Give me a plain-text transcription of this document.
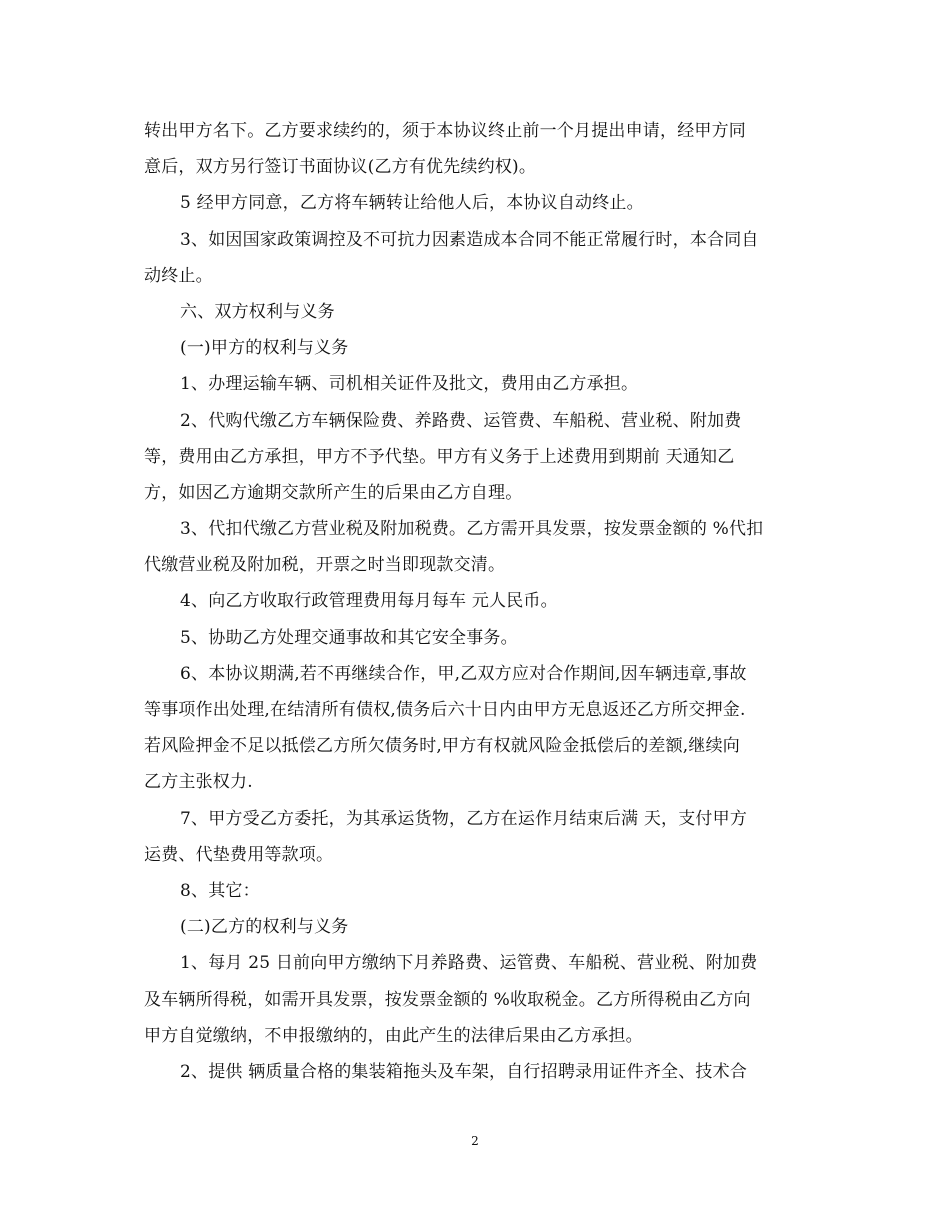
转出甲方名下。乙方要求续约的，须于本协议终止前一个月提出申请，经甲方同
意后，双方另行签订书面协议(乙方有优先续约权)。
5 经甲方同意，乙方将车辆转让给他人后，本协议自动终止。
3、如因国家政策调控及不可抗力因素造成本合同不能正常履行时，本合同自
动终止。
六、双方权利与义务
(一)甲方的权利与义务
1、办理运输车辆、司机相关证件及批文，费用由乙方承担。
2、代购代缴乙方车辆保险费、养路费、运管费、车船税、营业税、附加费
等，费用由乙方承担，甲方不予代垫。甲方有义务于上述费用到期前 天通知乙
方，如因乙方逾期交款所产生的后果由乙方自理。
3、代扣代缴乙方营业税及附加税费。乙方需开具发票，按发票金额的 %代扣
代缴营业税及附加税，开票之时当即现款交清。
4、向乙方收取行政管理费用每月每车 元人民币。
5、协助乙方处理交通事故和其它安全事务。
6、本协议期满,若不再继续合作，甲,乙双方应对合作期间,因车辆违章,事故
等事项作出处理,在结清所有债权,债务后六十日内由甲方无息返还乙方所交押金.
若风险押金不足以抵偿乙方所欠债务时,甲方有权就风险金抵偿后的差额,继续向
乙方主张权力.
7、甲方受乙方委托，为其承运货物，乙方在运作月结束后满 天，支付甲方
运费、代垫费用等款项。
8、其它：
(二)乙方的权利与义务
1、每月 25 日前向甲方缴纳下月养路费、运管费、车船税、营业税、附加费
及车辆所得税，如需开具发票，按发票金额的 %收取税金。乙方所得税由乙方向
甲方自觉缴纳，不申报缴纳的，由此产生的法律后果由乙方承担。
2、提供 辆质量合格的集装箱拖头及车架，自行招聘录用证件齐全、技术合
2
